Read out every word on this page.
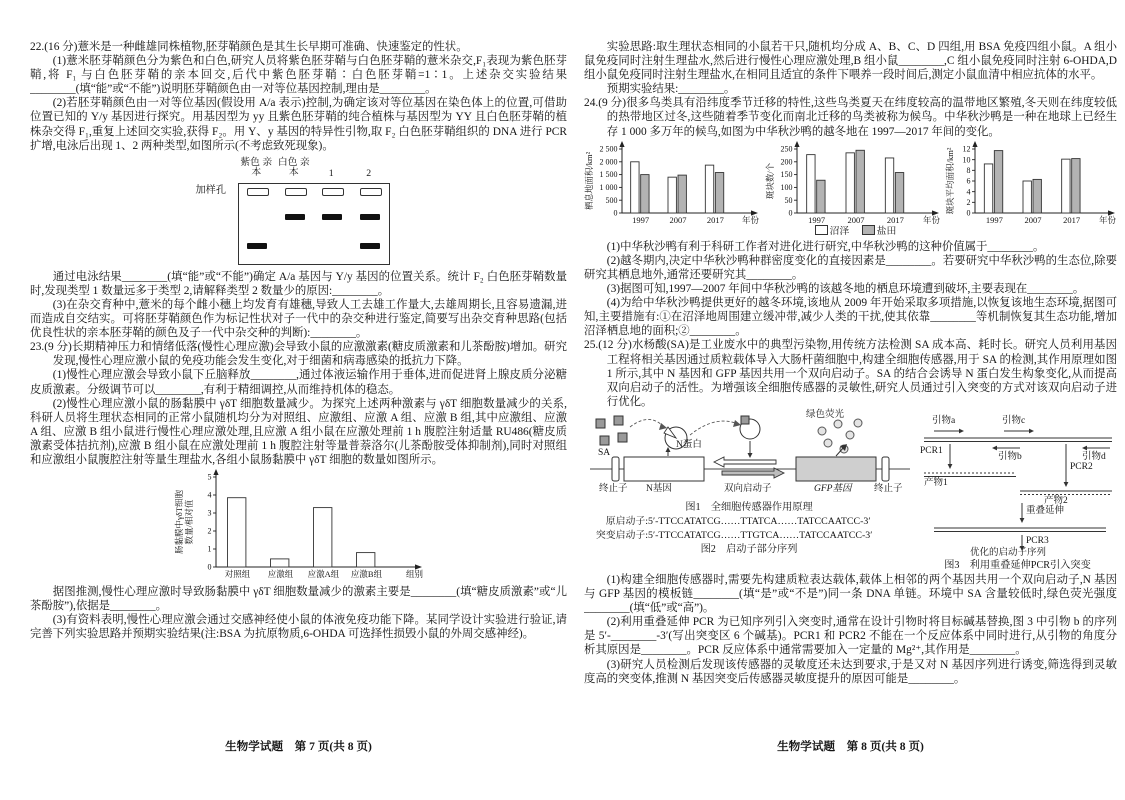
22.(16 分)薏米是一种雌雄同株植物,胚芽鞘颜色是其生长早期可准确、快速鉴定的性状。

(1)薏米胚芽鞘颜色分为紫色和白色,研究人员将紫色胚芽鞘与白色胚芽鞘的薏米杂交,F₁表现为紫色胚芽鞘,将 F₁ 与白色胚芽鞘的亲本回交,后代中紫色胚芽鞘∶白色胚芽鞘=1∶1。上述杂交实验结果________(填“能”或“不能”)说明胚芽鞘颜色由一对等位基因控制,理由是________。

(2)若胚芽鞘颜色由一对等位基因(假设用 A/a 表示)控制,为确定该对等位基因在染色体上的位置,可借助位置已知的 Y/y 基因进行探究。用基因型为 yy 且紫色胚芽鞘的纯合植株与基因型为 YY 且白色胚芽鞘的植株杂交得 F₁,重复上述回交实验,获得 F₂。用 Y、y 基因的特异性引物,取 F₂ 白色胚芽鞘组织的 DNA 进行 PCR 扩增,电泳后出现 1、2 两种类型,如图所示(不考虑致死现象)。

紫色 亲本
白色 亲本	1	2
加样孔

通过电泳结果________(填“能”或“不能”)确定 A/a 基因与 Y/y 基因的位置关系。统计 F₂ 白色胚芽鞘数量时,发现类型 1 数量远多于类型 2,请解释类型 2 数量少的原因:________。

(3)在杂交育种中,薏米的每个雌小穗上均发育有雄穗,导致人工去雄工作量大,去雄周期长,且容易遗漏,进而造成自交结实。可将胚芽鞘颜色作为标记性状对子一代中的杂交种进行鉴定,简要写出杂交育种思路(包括优良性状的亲本胚芽鞘的颜色及子一代中杂交种的判断):________。

23.(9 分)长期精神压力和情绪低落(慢性心理应激)会导致小鼠的应激激素(糖皮质激素和儿茶酚胺)增加。研究发现,慢性心理应激小鼠的免疫功能会发生变化,对于细菌和病毒感染的抵抗力下降。

(1)慢性心理应激会导致小鼠下丘脑释放________,通过体液运输作用于垂体,进而促进肾上腺皮质分泌糖皮质激素。分级调节可以________,有利于精细调控,从而维持机体的稳态。

(2)慢性心理应激小鼠的肠黏膜中 γδT 细胞数量减少。为探究上述两种激素与 γδT 细胞数量减少的关系,科研人员将生理状态相同的正常小鼠随机均分为对照组、应激组、应激 A 组、应激 B 组,其中应激组、应激 A 组、应激 B 组小鼠进行慢性心理应激处理,且应激 A 组小鼠在应激处理前 1 h 腹腔注射适量 RU486(糖皮质激素受体拮抗剂),应激 B 组小鼠在应激处理前 1 h 腹腔注射等量普萘洛尔(儿茶酚胺受体抑制剂),同时对照组和应激组小鼠腹腔注射等量生理盐水,各组小鼠肠黏膜中 γδT 细胞的数量如图所示。

0
1
2
3
4
5
对照组 应激组 应激A组 应激B组	组别
肠黏膜中γδT细胞 数量/相对值

据图推测,慢性心理应激时导致肠黏膜中 γδT 细胞数量减少的激素主要是________(填“糖皮质激素”或“儿茶酚胺”),依据是________。

(3)有资料表明,慢性心理应激会通过交感神经使小鼠的体液免疫功能下降。某同学设计实验进行验证,请完善下列实验思路并预期实验结果(注:BSA 为抗原物质,6-OHDA 可选择性损毁小鼠的外周交感神经)。

生物学试题　第 7 页(共 8 页)

实验思路:取生理状态相同的小鼠若干只,随机均分成 A、B、C、D 四组,用 BSA 免疫四组小鼠。A 组小鼠免疫同时注射生理盐水,然后进行慢性心理应激处理,B 组小鼠________,C 组小鼠免疫同时注射 6-OHDA,D 组小鼠免疫同时注射生理盐水,在相同且适宜的条件下喂养一段时间后,测定小鼠血清中相应抗体的水平。

预期实验结果:________。

24.(9 分)很多鸟类具有沿纬度季节迁移的特性,这些鸟类夏天在纬度较高的温带地区繁殖,冬天则在纬度较低的热带地区过冬,这些随着季节变化而南北迁移的鸟类被称为候鸟。中华秋沙鸭是一种在地球上已经生存 1 000 多万年的候鸟,如图为中华秋沙鸭的越冬地在 1997—2017 年间的变化。

0
500
1 000
1 500
2 000
2 500
1997 2007 2017 年份
栖息地面积/km²
0
50
100
150
200
250
1997	2007	2017 年份
斑块数/个
0
2
4
6
8
10
12
1997	2007	2017 年份
斑块平均面积/km²
沼泽	盐田

(1)中华秋沙鸭有利于科研工作者对进化进行研究,中华秋沙鸭的这种价值属于________。

(2)越冬期内,决定中华秋沙鸭种群密度变化的直接因素是________。若要研究中华秋沙鸭的生态位,除要研究其栖息地外,通常还要研究其________。

(3)据图可知,1997—2007 年间中华秋沙鸭的该越冬地的栖息环境遭到破坏,主要表现在________。

(4)为给中华秋沙鸭提供更好的越冬环境,该地从 2009 年开始采取多项措施,以恢复该地生态环境,据图可知,主要措施有:①在沼泽地周围建立缓冲带,减少人类的干扰,使其依靠________等机制恢复其生态功能,增加沼泽栖息地的面积;②________。

25.(12 分)水杨酸(SA)是工业废水中的典型污染物,用传统方法检测 SA 成本高、耗时长。研究人员利用基因工程将相关基因通过质粒载体导入大肠杆菌细胞中,构建全细胞传感器,用于 SA 的检测,其作用原理如图 1 所示,其中 N 基因和 GFP 基因共用一个双向启动子。SA 的结合会诱导 N 蛋白发生构象变化,从而提高双向启动子的活性。为增强该全细胞传感器的灵敏性,研究人员通过引入突变的方式对该双向启动子进行优化。

SA
N蛋白
绿色荧光
终止子 N基因	双向启动子	GFP基因 终止子
图1　全细胞传感器作用原理
原启动子:5′-TTCCATATCG……TTATCA……TATCCAATCC-3′
突变启动子:5′-TTCCATATCG……TTGTCA……TATCCAATCC-3′
图2　启动子部分序列
引物a	引物c
PCR1
引物b	引物d
产物1
PCR2
产物2
重叠延伸
PCR3
优化的启动子序列
图3　利用重叠延伸PCR引入突变

(1)构建全细胞传感器时,需要先构建质粒表达载体,载体上相邻的两个基因共用一个双向启动子,N 基因与 GFP 基因的模板链________(填“是”或“不是”)同一条 DNA 单链。环境中 SA 含量较低时,绿色荧光强度________(填“低”或“高”)。

(2)利用重叠延伸 PCR 为已知序列引入突变时,通常在设计引物时将目标碱基替换,图 3 中引物 b 的序列是 5′-________-3′(写出突变区 6 个碱基)。PCR1 和 PCR2 不能在一个反应体系中同时进行,从引物的角度分析其原因是________。PCR 反应体系中通常需要加入一定量的 Mg²⁺,其作用是________。

(3)研究人员检测后发现该传感器的灵敏度还未达到要求,于是又对 N 基因序列进行诱变,筛选得到灵敏度高的突变体,推测 N 基因突变后传感器灵敏度提升的原因可能是________。

生物学试题　第 8 页(共 8 页)
